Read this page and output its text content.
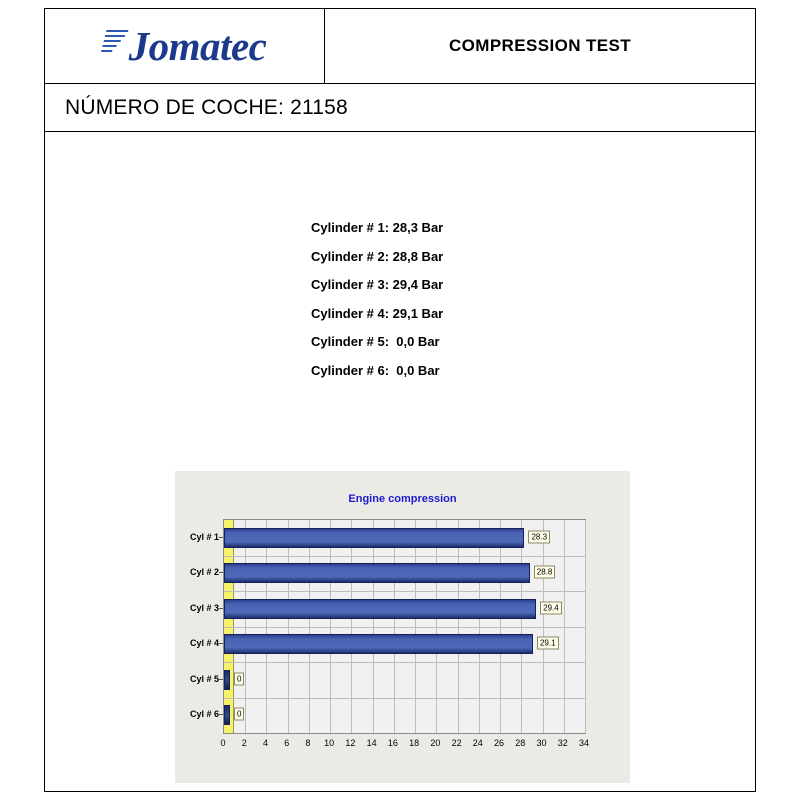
Jomatec	COMPRESSION TEST
NÚMERO DE COCHE: 21158
Cylinder # 1: 28,3 Bar
Cylinder # 2: 28,8 Bar
Cylinder # 3: 29,4 Bar
Cylinder # 4: 29,1 Bar
Cylinder # 5:  0,0 Bar
Cylinder # 6:  0,0 Bar
Engine compression
Cyl # 1	28.3
Cyl # 2	28.8
Cyl # 3	29.4
Cyl # 4	29.1
Cyl # 5	0
Cyl # 6	0
0 2 4 6 8 10 12 14 16 18 20 22 24 26 28 30 32 34
